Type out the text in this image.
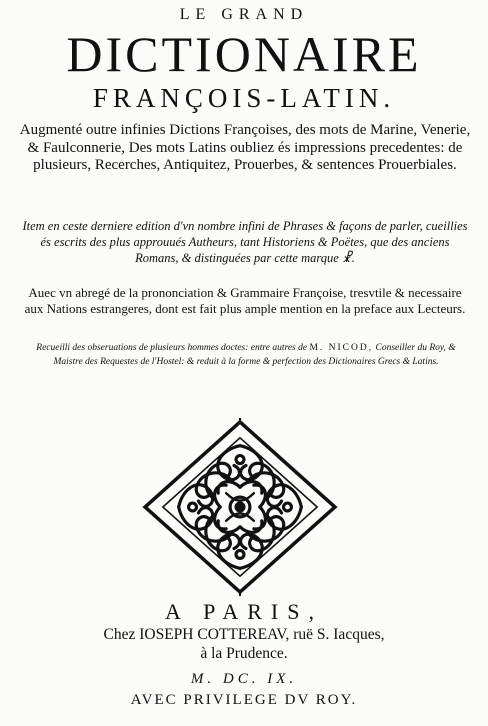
LE GRAND
DICTIONAIRE
FRANÇOIS-LATIN.
Augmenté outre infinies Dictions Françoises, des mots de Marine, Venerie, & Faulconnerie, Des mots Latins oubliez és impressions precedentes: de plusieurs, Recerches, Antiquitez, Prouerbes, & sentences Prouerbiales.
Item en ceste derniere edition d'vn nombre infini de Phrases & façons de parler, cueillies és escrits des plus approuués Autheurs, tant Historiens & Poëtes, que des anciens Romans, & distinguées par cette marque ☧.
Auec vn abregé de la prononciation & Grammaire Françoise, tresvtile & necessaire aux Nations estrangeres, dont est fait plus ample mention en la preface aux Lecteurs.
Recueilli des obseruations de plusieurs hommes doctes: entre autres de M. NICOD, Conseiller du Roy, & Maistre des Requestes de l'Hostel: & reduit à la forme & perfection des Dictionaires Grecs & Latins.
A PARIS,
Chez IOSEPH COTTEREAV, ruë S. Iacques,
à la Prudence.
M. DC. IX.
AVEC PRIVILEGE DV ROY.
